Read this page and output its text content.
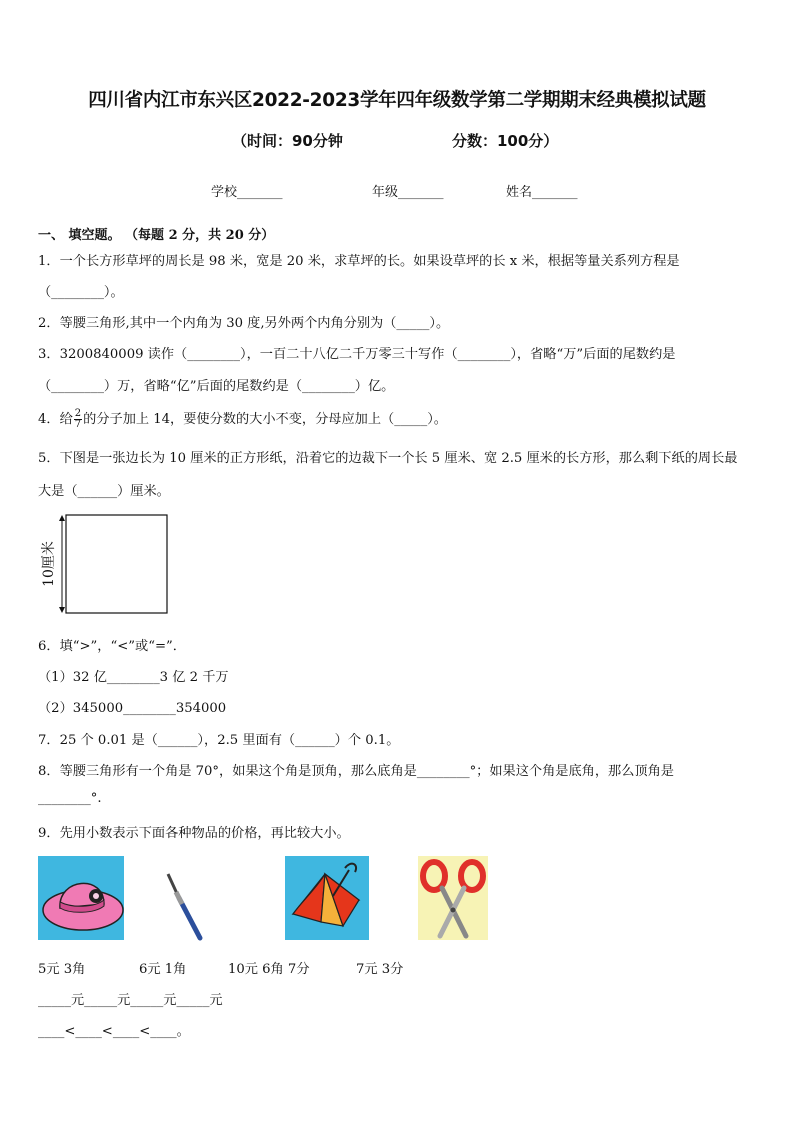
四川省内江市东兴区2022-2023学年四年级数学第二学期期末经典模拟试题
（时间：90分钟	分数：100分）
学校_______	年级_______	姓名_______
一、 填空题。 （每题 2 分，共 20 分）
1．一个长方形草坪的周长是 98 米，宽是 20 米，求草坪的长。如果设草坪的长 x 米，根据等量关系列方程是
（________）。
2．等腰三角形,其中一个内角为 30 度,另外两个内角分别为（_____）。
3．3200840009 读作（________），一百二十八亿二千万零三十写作（________），省略“万”后面的尾数约是
（________）万，省略“亿”后面的尾数约是（________）亿。
4．给 $\frac{2}{7}$ 的分子加上 14，要使分数的大小不变，分母应加上（_____）。
5．下图是一张边长为 10 厘米的正方形纸，沿着它的边裁下一个长 5 厘米、宽 2.5 厘米的长方形，那么剩下纸的周长最
大是（______）厘米。
10厘米
6．填“>”，“<”或“=”．
（1）32 亿________3 亿 2 千万
（2）345000________354000
7．25 个 0.01 是（______），2.5 里面有（______）个 0.1。
8．等腰三角形有一个角是 70°，如果这个角是顶角，那么底角是________°；如果这个角是底角，那么顶角是
________°.
9．先用小数表示下面各种物品的价格，再比较大小。
5元 3角	6元 1角	10元 6角 7分	7元 3分
_____元_____元_____元_____元
____<____<____<____。
